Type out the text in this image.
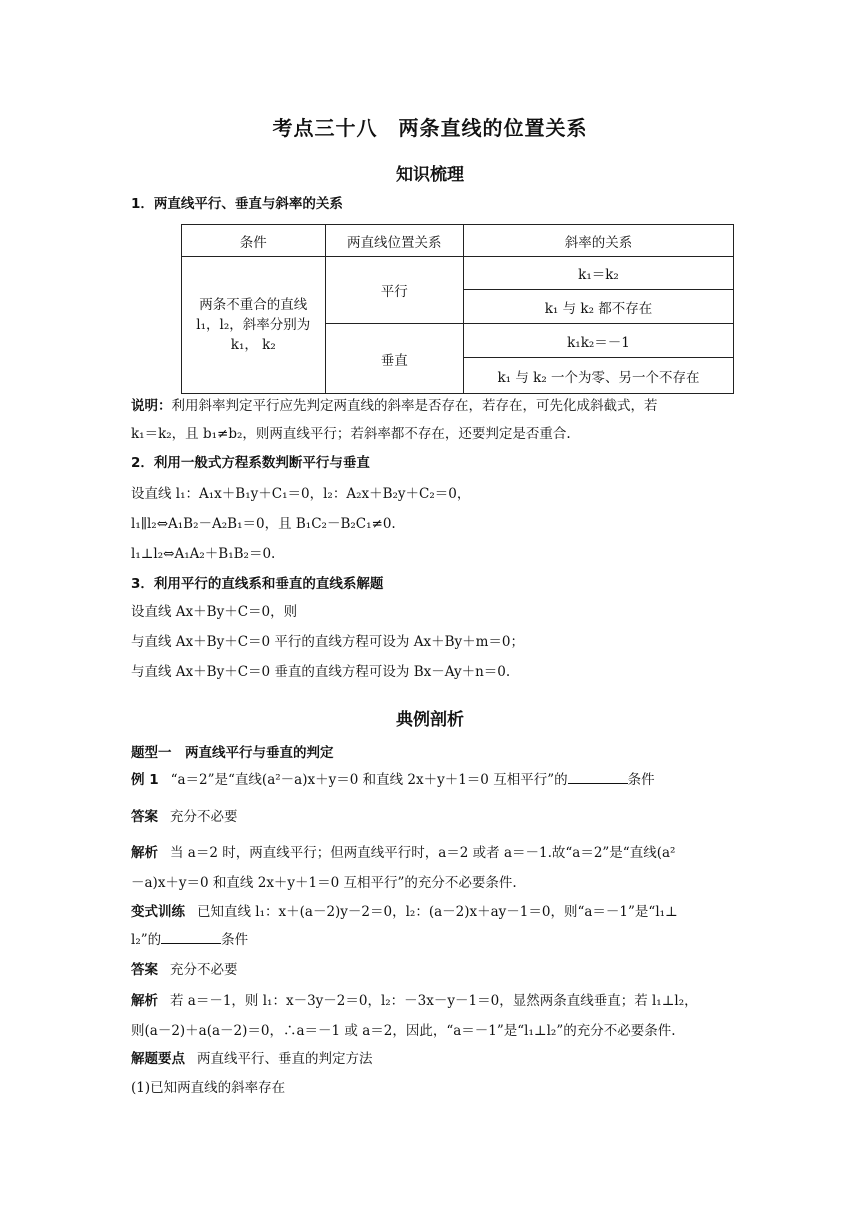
考点三十八　两条直线的位置关系
知识梳理
1．两直线平行、垂直与斜率的关系
条件	两直线位置关系	斜率的关系

两条不重合的直线
l₁，l₂，斜率分别为
k₁， k₂	平行	k₁＝k₂
		k₁ 与 k₂ 都不存在
	垂直	k₁k₂＝－1
		k₁ 与 k₂ 一个为零、另一个不存在
说明：利用斜率判定平行应先判定两直线的斜率是否存在，若存在，可先化成斜截式，若
k₁＝k₂，且 b₁≠b₂，则两直线平行；若斜率都不存在，还要判定是否重合.
2．利用一般式方程系数判断平行与垂直
设直线 l₁：A₁x＋B₁y＋C₁＝0，l₂：A₂x＋B₂y＋C₂＝0，
l₁∥l₂⇔A₁B₂－A₂B₁＝0，且 B₁C₂－B₂C₁≠0.
l₁⊥l₂⇔A₁A₂＋B₁B₂＝0.
3．利用平行的直线系和垂直的直线系解题
设直线 Ax＋By＋C＝0，则
与直线 Ax＋By＋C＝0 平行的直线方程可设为 Ax＋By＋m＝0；
与直线 Ax＋By＋C＝0 垂直的直线方程可设为 Bx－Ay＋n＝0.
典例剖析
题型一　两直线平行与垂直的判定
例 1 “a＝2”是“直线(a²－a)x＋y＝0 和直线 2x＋y＋1＝0 互相平行”的	条件
答案 充分不必要
解析 当 a＝2 时，两直线平行；但两直线平行时，a＝2 或者 a＝－1.故“a＝2”是“直线(a²
－a)x＋y＝0 和直线 2x＋y＋1＝0 互相平行”的充分不必要条件.
变式训练 已知直线 l₁：x＋(a－2)y－2＝0，l₂：(a－2)x＋ay－1＝0，则“a＝－1”是“l₁⊥
l₂”的	条件
答案 充分不必要
解析 若 a＝－1，则 l₁：x－3y－2＝0，l₂：－3x－y－1＝0，显然两条直线垂直；若 l₁⊥l₂，
则(a－2)＋a(a－2)＝0，∴a＝－1 或 a＝2，因此，“a＝－1”是“l₁⊥l₂”的充分不必要条件.
解题要点 两直线平行、垂直的判定方法
(1)已知两直线的斜率存在
